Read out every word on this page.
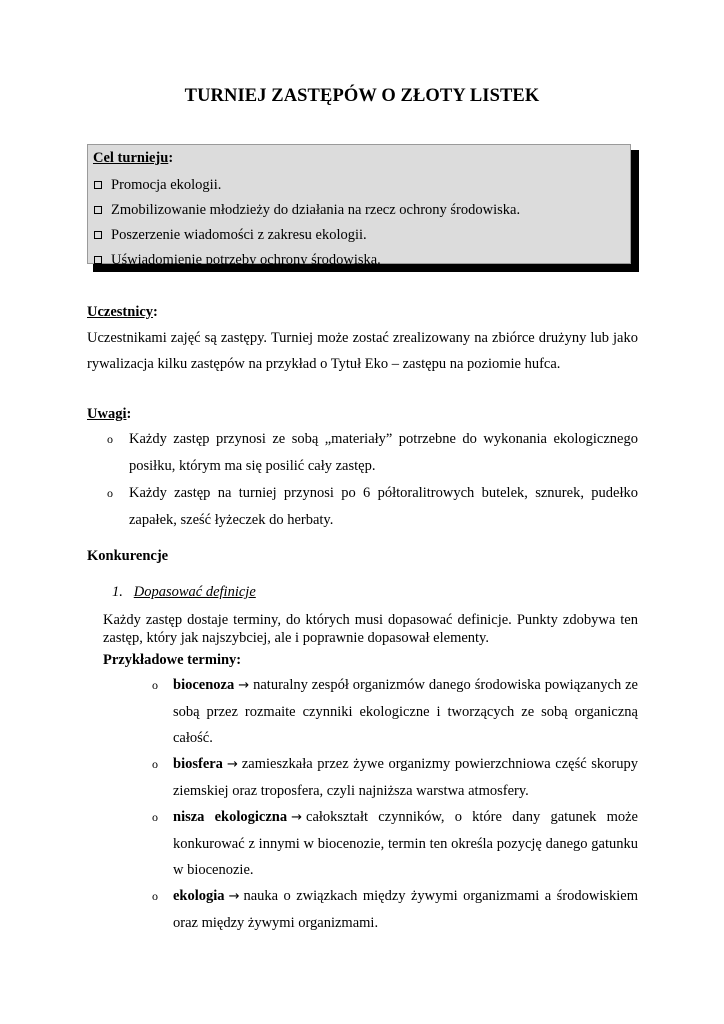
TURNIEJ ZASTĘPÓW O ZŁOTY LISTEK
Cel turnieju:
Promocja ekologii.
Zmobilizowanie młodzieży do działania na rzecz ochrony środowiska.
Poszerzenie wiadomości z zakresu ekologii.
Uświadomienie potrzeby ochrony środowiska.
Uczestnicy:
Uczestnikami zajęć są zastępy. Turniej może zostać zrealizowany na zbiórce drużyny lub jako rywalizacja kilku zastępów na przykład o Tytuł Eko – zastępu na poziomie hufca.
Uwagi:
o Każdy zastęp przynosi ze sobą „materiały” potrzebne do wykonania ekologicznego posiłku, którym ma się posilić cały zastęp.
o Każdy zastęp na turniej przynosi po 6 półtoralitrowych butelek, sznurek, pudełko zapałek, sześć łyżeczek do herbaty.
Konkurencje
1. Dopasować definicje
Każdy zastęp dostaje terminy, do których musi dopasować definicje. Punkty zdobywa ten zastęp, który jak najszybciej, ale i poprawnie dopasował elementy.
Przykładowe terminy:
o biocenoza → naturalny zespół organizmów danego środowiska powiązanych ze sobą przez rozmaite czynniki ekologiczne i tworzących ze sobą organiczną całość.
o biosfera → zamieszkała przez żywe organizmy powierzchniowa część skorupy ziemskiej oraz troposfera, czyli najniższa warstwa atmosfery.
o nisza ekologiczna → całokształt czynników, o które dany gatunek może konkurować z innymi w biocenozie, termin ten określa pozycję danego gatunku w biocenozie.
o ekologia → nauka o związkach między żywymi organizmami a środowiskiem oraz między żywymi organizmami.
